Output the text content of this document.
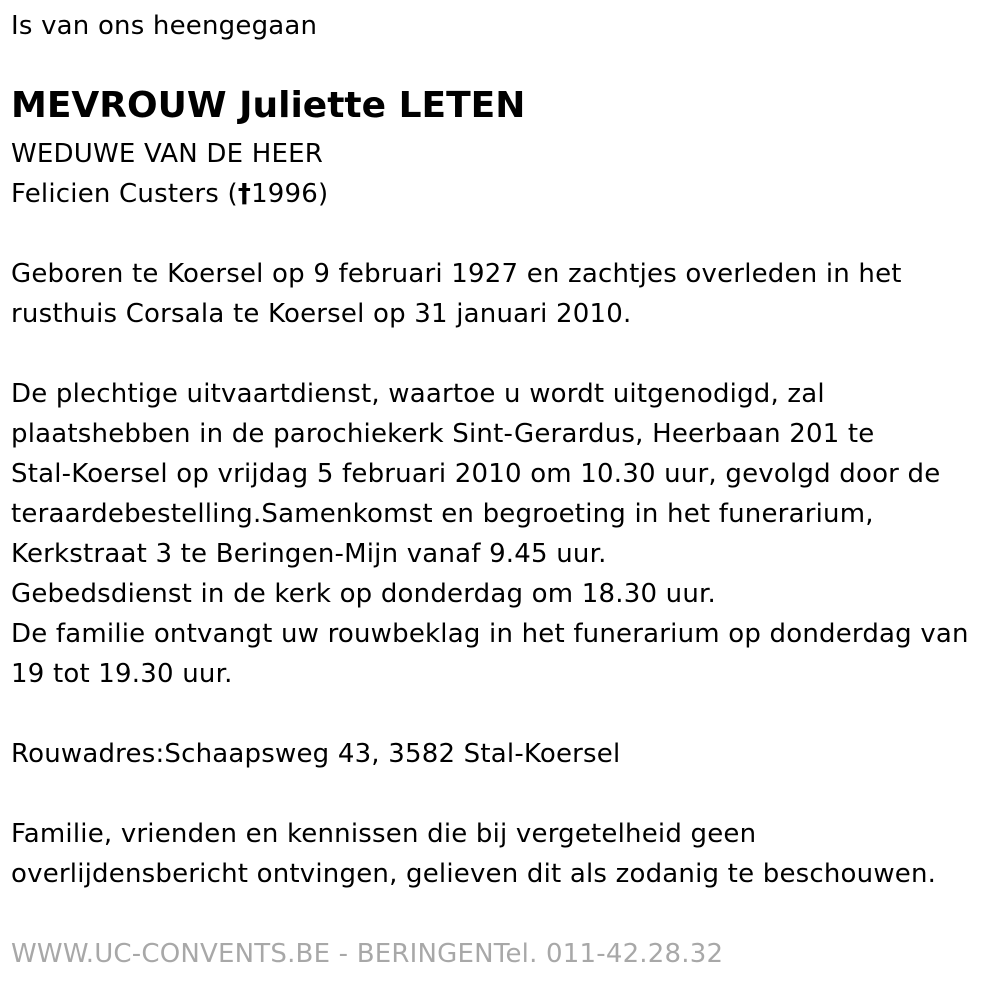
Is van ons heengegaan
MEVROUW Juliette LETEN
WEDUWE VAN DE HEER
Felicien Custers (†1996)
Geboren te Koersel op 9 februari 1927 en zachtjes overleden in het
rusthuis Corsala te Koersel op 31 januari 2010.
De plechtige uitvaartdienst, waartoe u wordt uitgenodigd, zal
plaatshebben in de parochiekerk Sint-Gerardus, Heerbaan 201 te
Stal-Koersel op vrijdag 5 februari 2010 om 10.30 uur, gevolgd door de
teraardebestelling.Samenkomst en begroeting in het funerarium,
Kerkstraat 3 te Beringen-Mijn vanaf 9.45 uur.
Gebedsdienst in de kerk op donderdag om 18.30 uur.
De familie ontvangt uw rouwbeklag in het funerarium op donderdag van
19 tot 19.30 uur.
Rouwadres:Schaapsweg 43, 3582 Stal-Koersel
Familie, vrienden en kennissen die bij vergetelheid geen
overlijdensbericht ontvingen, gelieven dit als zodanig te beschouwen.
WWW.UC-CONVENTS.BE - BERINGENTel. 011-42.28.32
